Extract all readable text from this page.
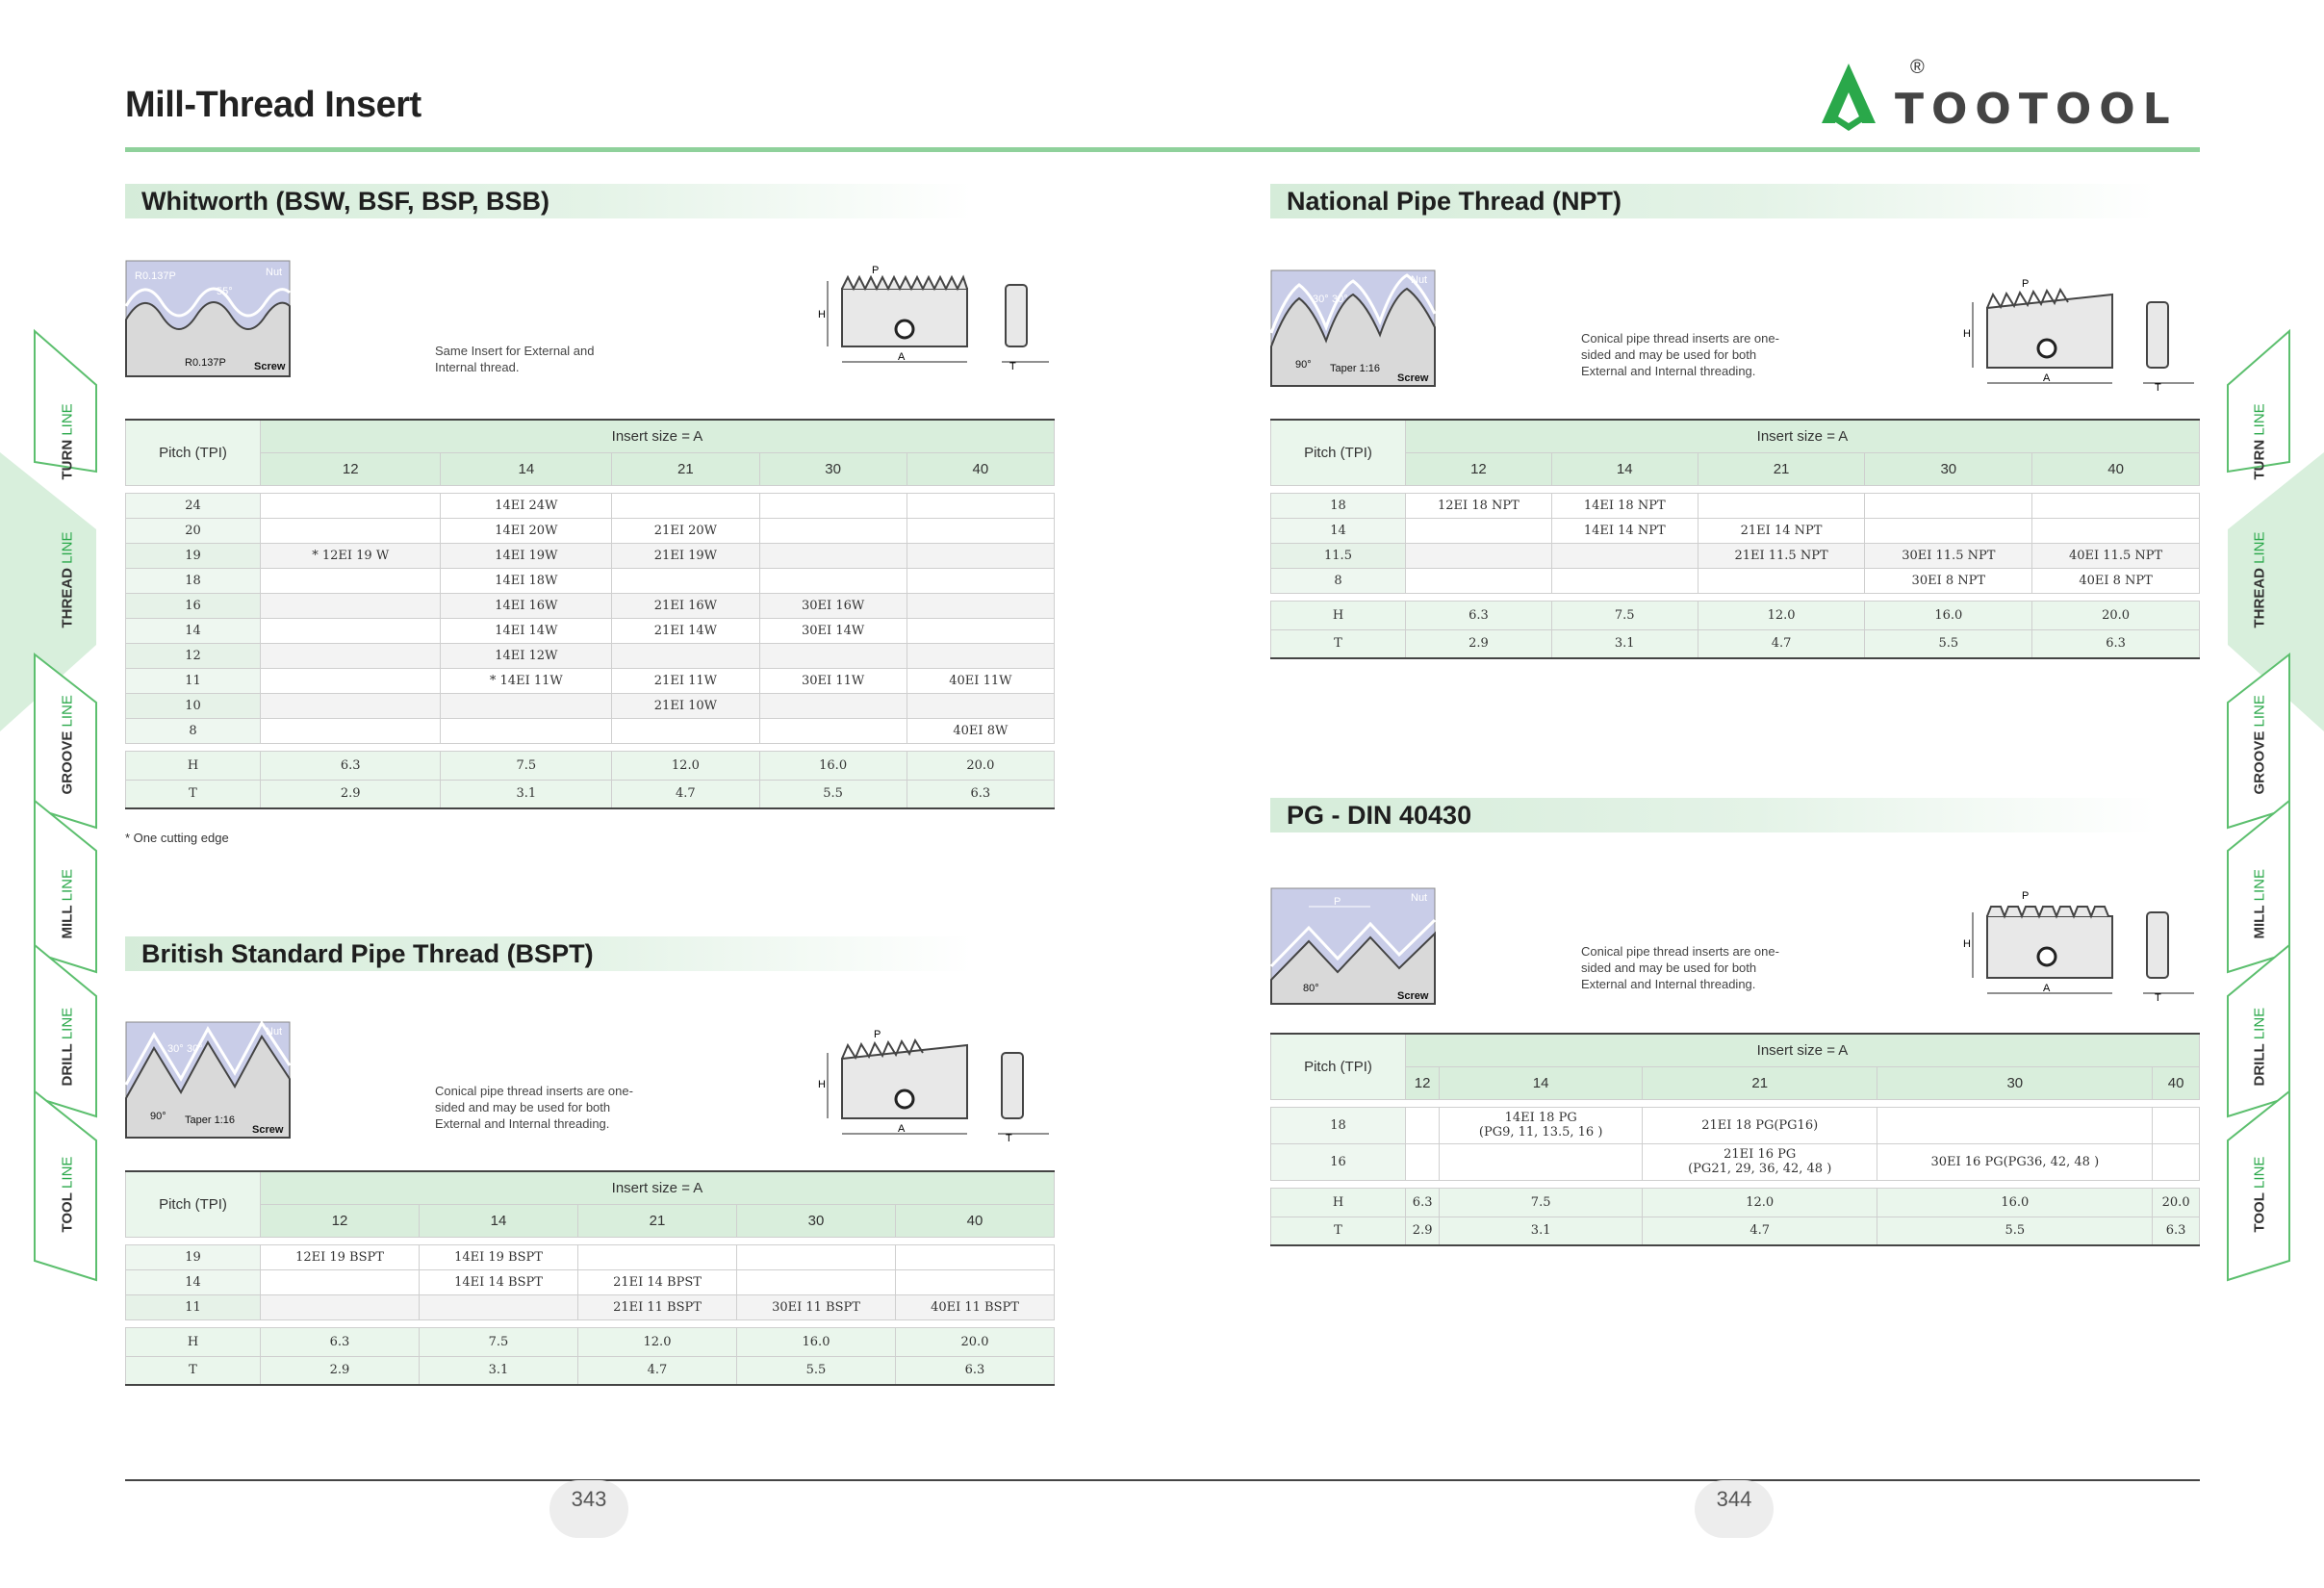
Mill-Thread Insert
®
TOOTOOL
TURN LINE
THREAD LINE
GROOVE LINE
MILL LINE
DRILL LINE
TOOL LINE
TURN LINE
THREAD LINE
GROOVE LINE
MILL LINE
DRILL LINE
TOOL LINE
Whitworth (BSW, BSF, BSP, BSB)
R0.137P
55°
Nut
R0.137P	Screw
Same Insert for External and
Internal thread.
H
A
P
T
Pitch (TPI)	Insert size = A				
	12	14	21	30	40

24		14EI 24W			
20		14EI 20W	21EI 20W		
19	* 12EI 19 W	14EI 19W	21EI 19W		
18		14EI 18W			
16		14EI 16W	21EI 16W	30EI 16W	
14		14EI 14W	21EI 14W	30EI 14W	
12		14EI 12W			
11		* 14EI 11W	21EI 11W	30EI 11W	40EI 11W
10			21EI 10W		
8					40EI 8W

H	6.3	7.5	12.0	16.0	20.0
T	2.9	3.1	4.7	5.5	6.3
* One cutting edge
British Standard Pipe Thread (BSPT)
30° 30°
Nut
90° Taper 1:16
Screw
Conical pipe thread inserts are one-
sided and may be used for both
External and Internal threading.
H
A
P
T
Pitch (TPI)	Insert size = A				
	12	14	21	30	40

19	12EI 19 BSPT	14EI 19 BSPT			
14		14EI 14 BSPT	21EI 14 BPST		
11			21EI 11 BSPT	30EI 11 BSPT	40EI 11 BSPT

H	6.3	7.5	12.0	16.0	20.0
T	2.9	3.1	4.7	5.5	6.3
National Pipe Thread (NPT)
30° 30°
Nut
90° Taper 1:16
Screw
Conical pipe thread inserts are one-
sided and may be used for both
External and Internal threading.
H
A
P
T
Pitch (TPI)	Insert size = A				
	12	14	21	30	40

18	12EI 18 NPT	14EI 18 NPT			
14		14EI 14 NPT	21EI 14 NPT		
11.5			21EI 11.5 NPT	30EI 11.5 NPT	40EI 11.5 NPT
8				30EI 8 NPT	40EI 8 NPT

H	6.3	7.5	12.0	16.0	20.0
T	2.9	3.1	4.7	5.5	6.3
PG - DIN 40430
P	Nut
80°
Screw
Conical pipe thread inserts are one-
sided and may be used for both
External and Internal threading.
H
A
P
T
Pitch (TPI)	Insert size = A				
	12	14	21	30	40

18		14EI 18 PG
(PG9, 11, 13.5, 16 )	21EI 18 PG(PG16)		
16			21EI 16 PG
(PG21, 29, 36, 42, 48 )	30EI 16 PG(PG36, 42, 48 )	

H	6.3	7.5	12.0	16.0	20.0
T	2.9	3.1	4.7	5.5	6.3
343	344
